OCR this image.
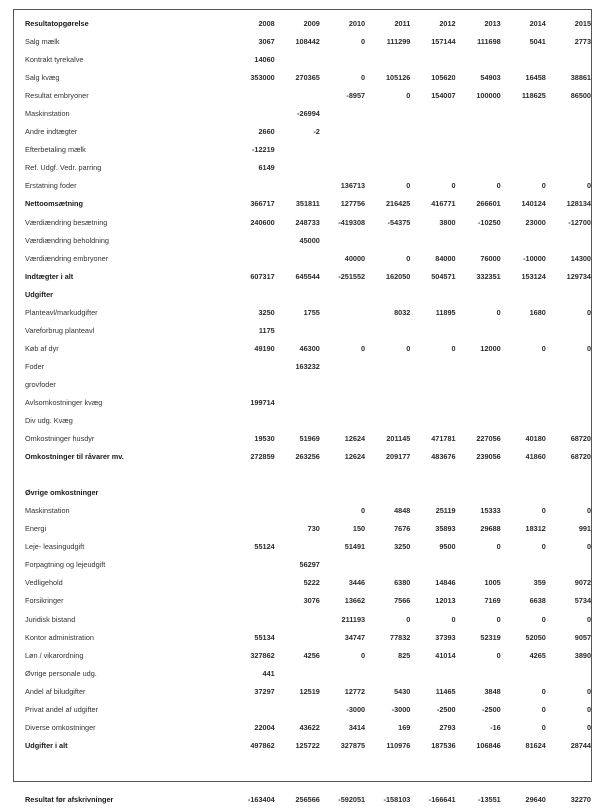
Resultatopgørelse	2008	2009	2010	2011	2012	2013	2014	2015
Salg mælk	3067	108442	0	111299	157144	111698	5041	2773
Kontrakt tyrekalve	14060							
Salg kvæg	353000	270365	0	105126	105620	54903	16458	38861
Resultat embryoner			-8957	0	154007	100000	118625	86500
Maskinstation		-26994						
Andre indtægter	2660	-2						
Efterbetaling mælk	-12219							
Ref. Udgf. Vedr. parring	6149							
Erstatning foder			136713	0	0	0	0	0
Nettoomsætning	366717	351811	127756	216425	416771	266601	140124	128134
Værdiændring besætning	240600	248733	-419308	-54375	3800	-10250	23000	-12700
Værdiændring beholdning		45000						
Værdiændring embryoner			40000	0	84000	76000	-10000	14300
Indtægter i alt	607317	645544	-251552	162050	504571	332351	153124	129734
Udgifter								
Planteavl/markudgifter	3250	1755		8032	11895	0	1680	0
Vareforbrug planteavl	1175							
Køb af dyr	49190	46300	0	0	0	12000	0	0
Foder		163232						
grovfoder								
Avlsomkostninger kvæg	199714							
Div udg. Kvæg								
Omkostninger husdyr	19530	51969	12624	201145	471781	227056	40180	68720
Omkostninger til råvarer mv.	272859	263256	12624	209177	483676	239056	41860	68720

Øvrige omkostninger								
Maskinstation			0	4848	25119	15333	0	0
Energi		730	150	7676	35893	29688	18312	991
Leje- leasingudgift	55124		51491	3250	9500	0	0	0
Forpagtning og lejeudgift		56297						
Vedligehold		5222	3446	6380	14846	1005	359	9072
Forsikringer		3076	13662	7566	12013	7169	6638	5734
Juridisk bistand			211193	0	0	0	0	0
Kontor administration	55134		34747	77832	37393	52319	52050	9057
Løn / vikarordning	327862	4256	0	825	41014	0	4265	3890
Øvrige personale udg.	441							
Andel af biludgifter	37297	12519	12772	5430	11465	3848	0	0
Privat andel af udgifter			-3000	-3000	-2500	-2500	0	0
Diverse omkostninger	22004	43622	3414	169	2793	-16	0	0
Udgifter i alt	497862	125722	327875	110976	187536	106846	81624	28744

Resultat før afskrivninger	-163404	256566	-592051	-158103	-166641	-13551	29640	32270
